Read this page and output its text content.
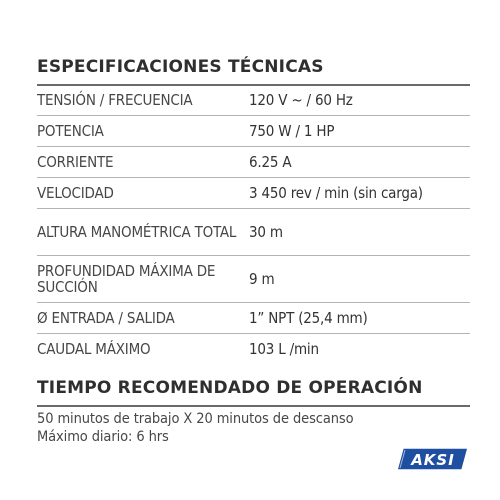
ESPECIFICACIONES TÉCNICAS
TENSIÓN / FRECUENCIA	120 V ~ / 60 Hz
POTENCIA	750 W / 1 HP
CORRIENTE	6.25 A
VELOCIDAD	3 450 rev / min (sin carga)
ALTURA MANOMÉTRICA TOTAL 30 m
PROFUNDIDAD MÁXIMA DE SUCCIÓN	9 m
Ø ENTRADA / SALIDA	1” NPT (25,4 mm)
CAUDAL MÁXIMO	103 L /min
TIEMPO RECOMENDADO DE OPERACIÓN
50 minutos de trabajo X 20 minutos de descanso
Máximo diario: 6 hrs
AKSI
